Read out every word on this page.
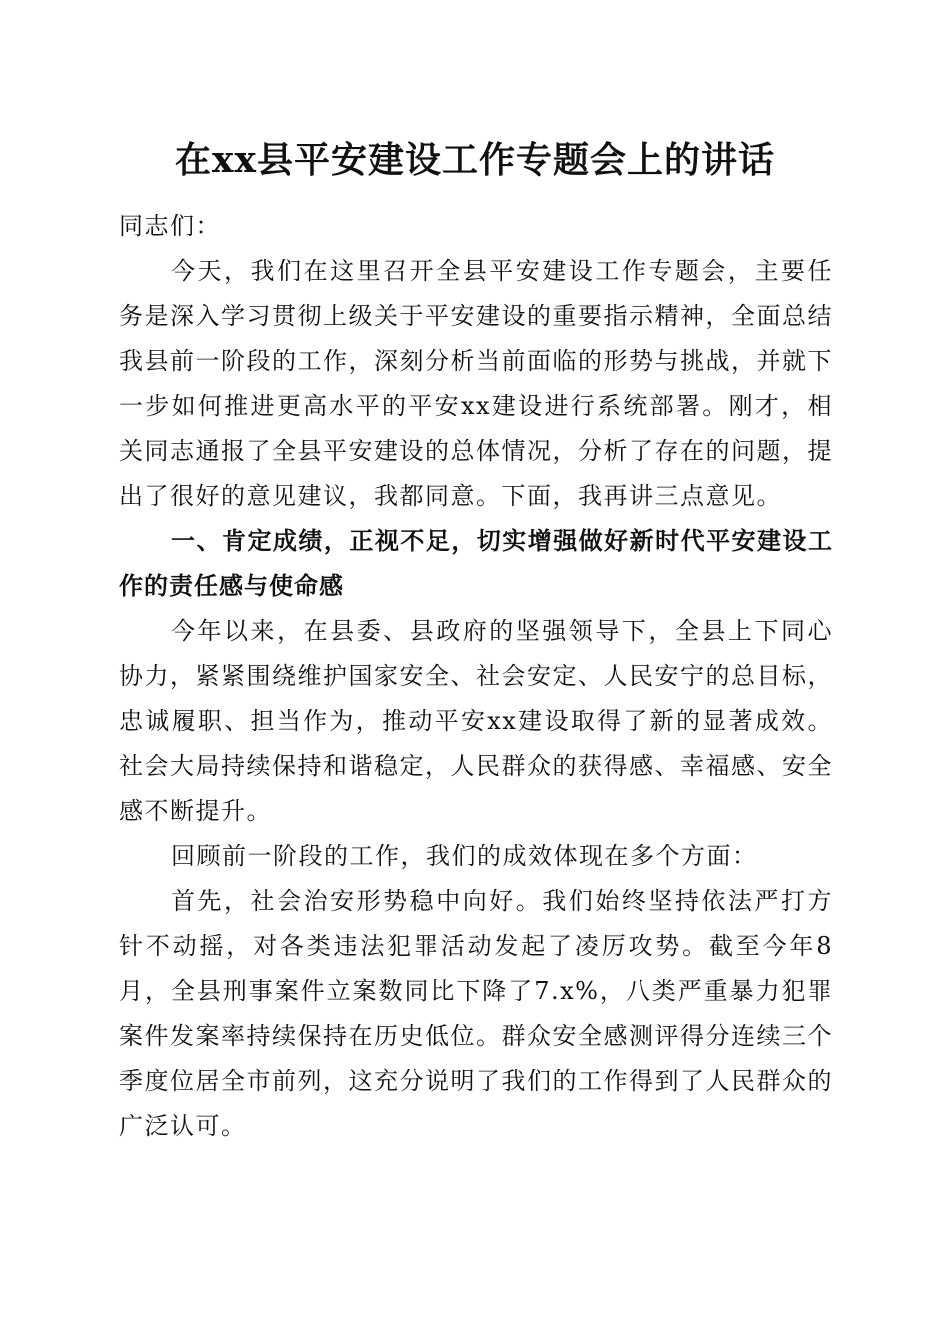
在xx县平安建设工作专题会上的讲话

同志们：

今天，我们在这里召开全县平安建设工作专题会，主要任务是深入学习贯彻上级关于平安建设的重要指示精神，全面总结我县前一阶段的工作，深刻分析当前面临的形势与挑战，并就下一步如何推进更高水平的平安xx建设进行系统部署。刚才，相关同志通报了全县平安建设的总体情况，分析了存在的问题，提出了很好的意见建议，我都同意。下面，我再讲三点意见。

一、肯定成绩，正视不足，切实增强做好新时代平安建设工作的责任感与使命感

今年以来，在县委、县政府的坚强领导下，全县上下同心协力，紧紧围绕维护国家安全、社会安定、人民安宁的总目标，忠诚履职、担当作为，推动平安xx建设取得了新的显著成效。社会大局持续保持和谐稳定，人民群众的获得感、幸福感、安全感不断提升。

回顾前一阶段的工作，我们的成效体现在多个方面：

首先，社会治安形势稳中向好。我们始终坚持依法严打方针不动摇，对各类违法犯罪活动发起了凌厉攻势。截至今年8月，全县刑事案件立案数同比下降了7.x%，八类严重暴力犯罪案件发案率持续保持在历史低位。群众安全感测评得分连续三个季度位居全市前列，这充分说明了我们的工作得到了人民群众的广泛认可。
